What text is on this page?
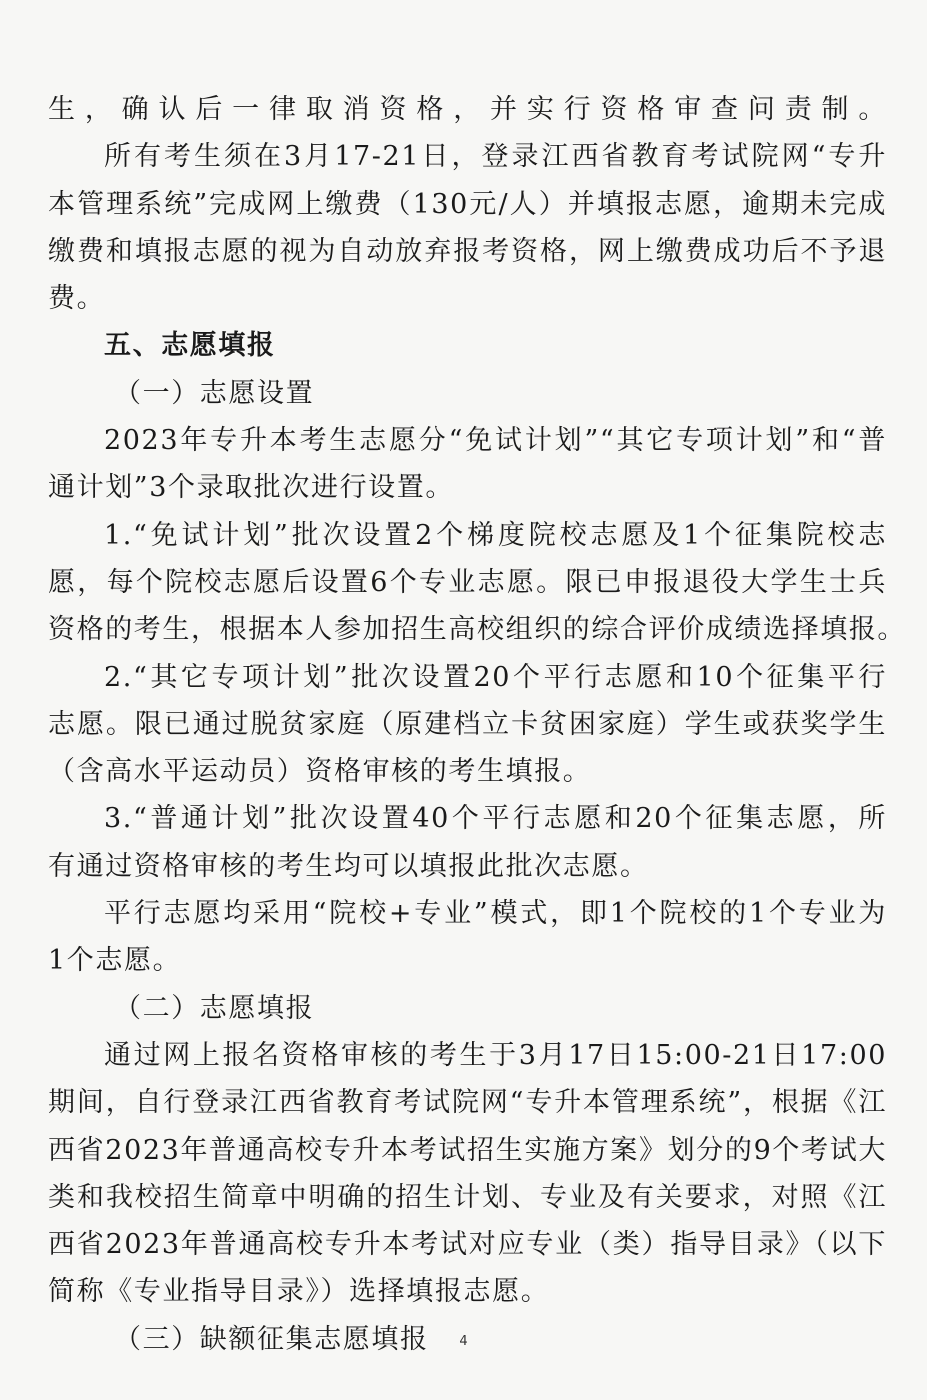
生，确认后一律取消资格，并实行资格审查问责制。
所有考生须在3月17-21日，登录江西省教育考试院网“专升
本管理系统”完成网上缴费（130元/人）并填报志愿，逾期未完成
缴费和填报志愿的视为自动放弃报考资格，网上缴费成功后不予退
费。
五、志愿填报
（一）志愿设置
2023年专升本考生志愿分“免试计划”“其它专项计划”和“普
通计划”3个录取批次进行设置。
1.“免试计划”批次设置2个梯度院校志愿及1个征集院校志
愿，每个院校志愿后设置6个专业志愿。限已申报退役大学生士兵
资格的考生，根据本人参加招生高校组织的综合评价成绩选择填报。
2.“其它专项计划”批次设置20个平行志愿和10个征集平行
志愿。限已通过脱贫家庭（原建档立卡贫困家庭）学生或获奖学生
（含高水平运动员）资格审核的考生填报。
3.“普通计划”批次设置40个平行志愿和20个征集志愿，所
有通过资格审核的考生均可以填报此批次志愿。
平行志愿均采用“院校+专业”模式，即1个院校的1个专业为
1个志愿。
（二）志愿填报
通过网上报名资格审核的考生于3月17日15:00-21日17:00
期间，自行登录江西省教育考试院网“专升本管理系统”，根据《江
西省2023年普通高校专升本考试招生实施方案》划分的9个考试大
类和我校招生简章中明确的招生计划、专业及有关要求，对照《江
西省2023年普通高校专升本考试对应专业（类）指导目录》（以下
简称《专业指导目录》）选择填报志愿。
（三）缺额征集志愿填报	4
